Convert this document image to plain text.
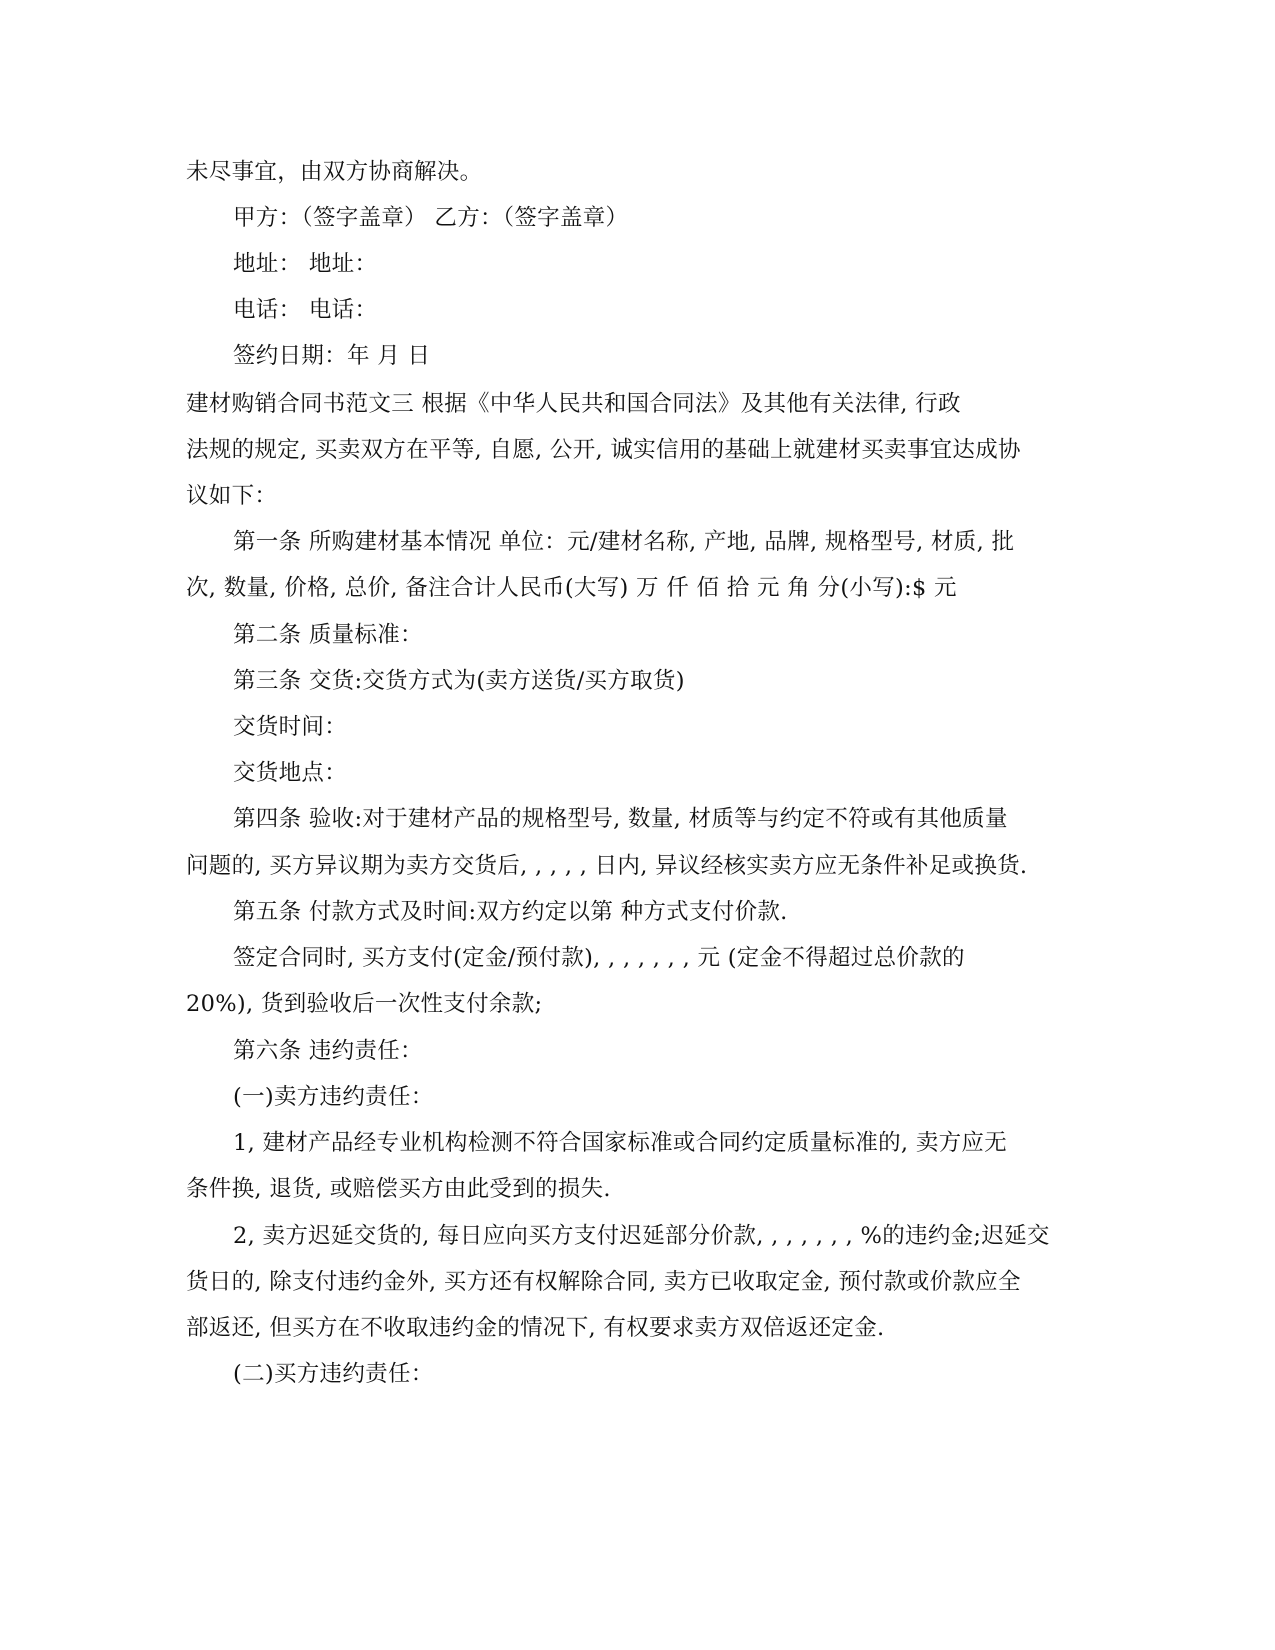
未尽事宜，由双方协商解决。
甲方：（签字盖章） 乙方：（签字盖章）
地址： 地址：
电话： 电话：
签约日期：年 月 日
建材购销合同书范文三 根据《中华人民共和国合同法》及其他有关法律, 行政
法规的规定, 买卖双方在平等, 自愿, 公开, 诚实信用的基础上就建材买卖事宜达成协
议如下：
第一条 所购建材基本情况 单位：元/建材名称, 产地, 品牌, 规格型号, 材质, 批
次, 数量, 价格, 总价, 备注合计人民币(大写) 万 仟 佰 拾 元 角 分(小写):$ 元
第二条 质量标准：
第三条 交货:交货方式为(卖方送货/买方取货)
交货时间：
交货地点：
第四条 验收:对于建材产品的规格型号, 数量, 材质等与约定不符或有其他质量
问题的, 买方异议期为卖方交货后, , , , , 日内, 异议经核实卖方应无条件补足或换货.
第五条 付款方式及时间:双方约定以第 种方式支付价款.
签定合同时, 买方支付(定金/预付款), , , , , , , 元 (定金不得超过总价款的
20%), 货到验收后一次性支付余款;
第六条 违约责任：
(一)卖方违约责任：
1, 建材产品经专业机构检测不符合国家标准或合同约定质量标准的, 卖方应无
条件换, 退货, 或赔偿买方由此受到的损失.
2, 卖方迟延交货的, 每日应向买方支付迟延部分价款, , , , , , , %的违约金;迟延交
货日的, 除支付违约金外, 买方还有权解除合同, 卖方已收取定金, 预付款或价款应全
部返还, 但买方在不收取违约金的情况下, 有权要求卖方双倍返还定金.
(二)买方违约责任：
